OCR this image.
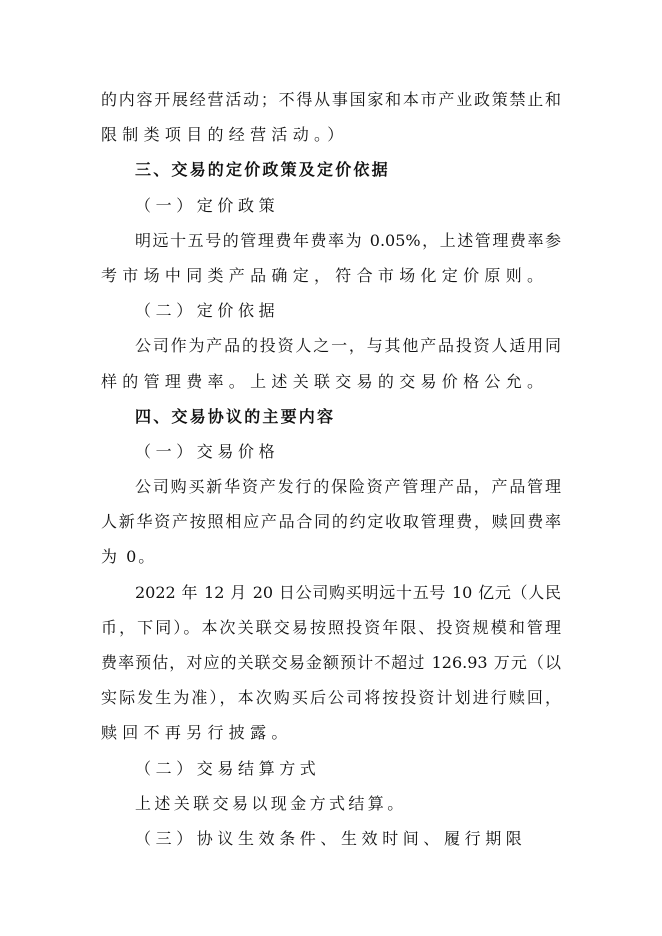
的内容开展经营活动；不得从事国家和本市产业政策禁止和
限制类项目的经营活动。）
三、交易的定价政策及定价依据
（一）定价政策
明远十五号的管理费年费率为 0.05%，上述管理费率参
考市场中同类产品确定，符合市场化定价原则。
（二）定价依据
公司作为产品的投资人之一，与其他产品投资人适用同
样的管理费率。上述关联交易的交易价格公允。
四、交易协议的主要内容
（一）交易价格
公司购买新华资产发行的保险资产管理产品，产品管理
人新华资产按照相应产品合同的约定收取管理费，赎回费率
为 0。
2022 年 12 月 20 日公司购买明远十五号 10 亿元（人民
币，下同）。本次关联交易按照投资年限、投资规模和管理
费率预估，对应的关联交易金额预计不超过 126.93 万元（以
实际发生为准），本次购买后公司将按投资计划进行赎回，
赎回不再另行披露。
（二）交易结算方式
上述关联交易以现金方式结算。
（三）协议生效条件、生效时间、履行期限
